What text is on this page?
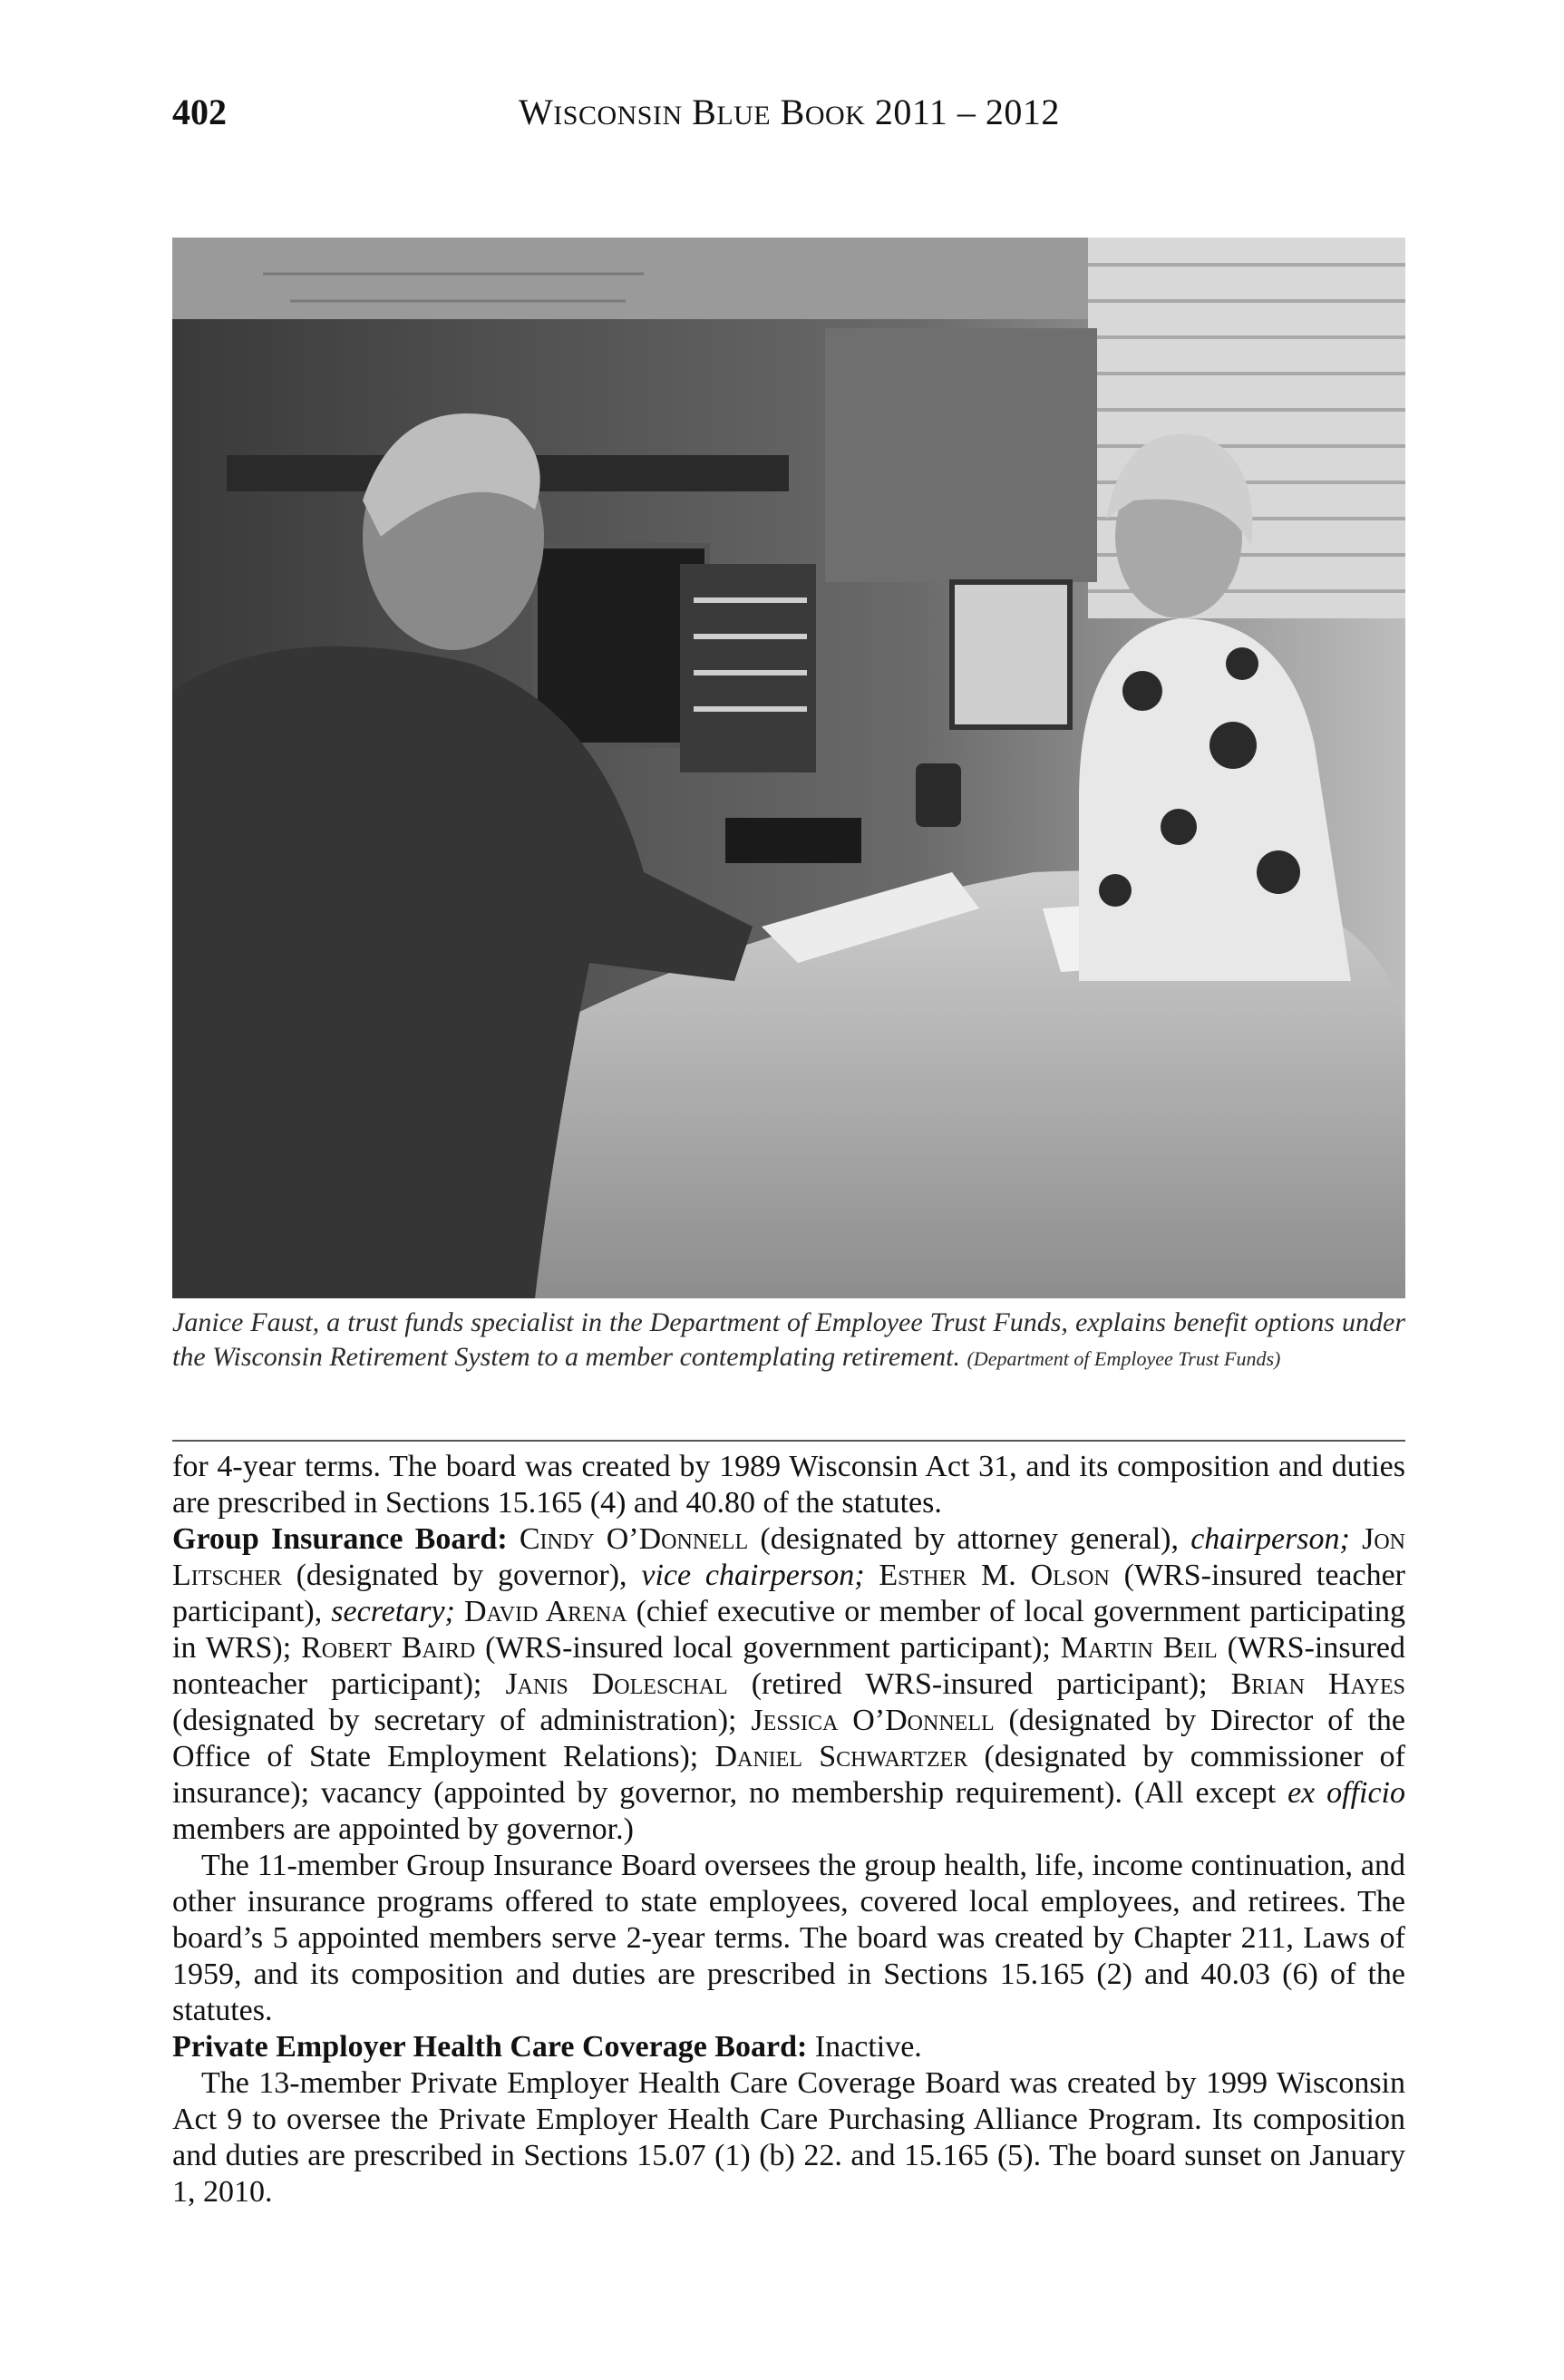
402	WISCONSIN BLUE BOOK 2011 – 2012
Janice Faust, a trust funds specialist in the Department of Employee Trust Funds, explains benefit options under the Wisconsin Retirement System to a member contemplating retirement. (Department of Employee Trust Funds)

for 4-year terms. The board was created by 1989 Wisconsin Act 31, and its composition and duties are prescribed in Sections 15.165 (4) and 40.80 of the statutes.

Group Insurance Board: Cindy O’Donnell (designated by attorney general), chairperson; Jon Litscher (designated by governor), vice chairperson; Esther M. Olson (WRS-insured teacher participant), secretary; David Arena (chief executive or member of local government participating in WRS); Robert Baird (WRS-insured local government participant); Martin Beil (WRS-insured nonteacher participant); Janis Doleschal (retired WRS-insured participant); Brian Hayes (designated by secretary of administration); Jessica O’Donnell (designated by Director of the Office of State Employment Relations); Daniel Schwartzer (designated by commissioner of insurance); vacancy (appointed by governor, no membership requirement). (All except ex officio members are appointed by governor.)

The 11-member Group Insurance Board oversees the group health, life, income continuation, and other insurance programs offered to state employees, covered local employees, and retirees. The board’s 5 appointed members serve 2-year terms. The board was created by Chapter 211, Laws of 1959, and its composition and duties are prescribed in Sections 15.165 (2) and 40.03 (6) of the statutes.

Private Employer Health Care Coverage Board: Inactive.

The 13-member Private Employer Health Care Coverage Board was created by 1999 Wisconsin Act 9 to oversee the Private Employer Health Care Purchasing Alliance Program. Its composition and duties are prescribed in Sections 15.07 (1) (b) 22. and 15.165 (5). The board sunset on January 1, 2010.
